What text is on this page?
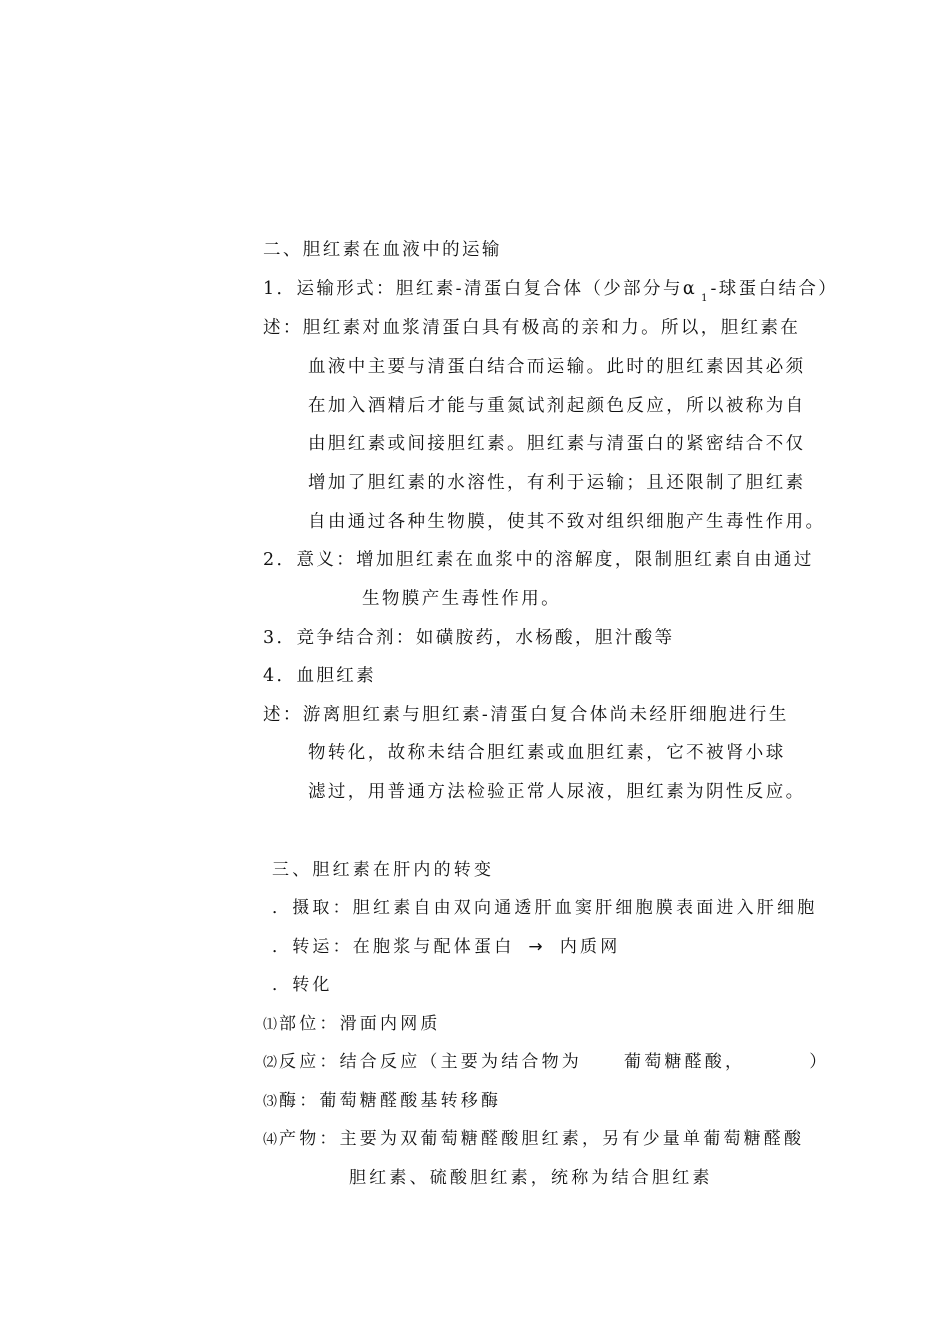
二、胆红素在血液中的运输
1．运输形式：胆红素-清蛋白复合体（少部分与α $_1$ -球蛋白结合）
述：胆红素对血浆清蛋白具有极高的亲和力。所以，胆红素在
血液中主要与清蛋白结合而运输。此时的胆红素因其必须
在加入酒精后才能与重氮试剂起颜色反应，所以被称为自
由胆红素或间接胆红素。胆红素与清蛋白的紧密结合不仅
增加了胆红素的水溶性，有利于运输；且还限制了胆红素
自由通过各种生物膜，使其不致对组织细胞产生毒性作用。
2．意义：增加胆红素在血浆中的溶解度，限制胆红素自由通过
生物膜产生毒性作用。
3．竞争结合剂：如磺胺药，水杨酸，胆汁酸等
4．血胆红素
述：游离胆红素与胆红素-清蛋白复合体尚未经肝细胞进行生
物转化，故称未结合胆红素或血胆红素，它不被肾小球
滤过，用普通方法检验正常人尿液，胆红素为阴性反应。
三、胆红素在肝内的转变
．摄取：胆红素自由双向通透肝血窦肝细胞膜表面进入肝细胞
．转运：在胞浆与配体蛋白 → 内质网
．转化
⑴ 部位：滑面内网质
⑵ 反应：结合反应（主要为结合物为 葡萄糖醛酸，	）
⑶ 酶：葡萄糖醛酸基转移酶
⑷ 产物：主要为双葡萄糖醛酸胆红素，另有少量单葡萄糖醛酸
胆红素、硫酸胆红素，统称为结合胆红素
